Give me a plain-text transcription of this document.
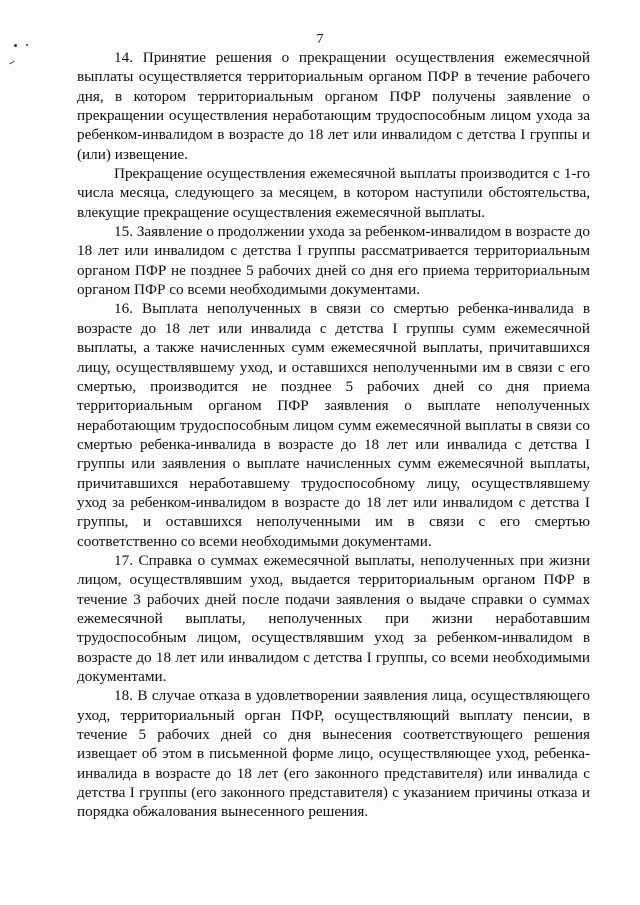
7

14. Принятие решения о прекращении осуществления ежемесячной выплаты осуществляется территориальным органом ПФР в течение рабочего дня, в котором территориальным органом ПФР получены заявление о прекращении осуществления неработающим трудоспособным лицом ухода за ребенком-инвалидом в возрасте до 18 лет или инвалидом с детства I группы и (или) извещение.

Прекращение осуществления ежемесячной выплаты производится с 1-го числа месяца, следующего за месяцем, в котором наступили обстоятельства, влекущие прекращение осуществления ежемесячной выплаты.

15. Заявление о продолжении ухода за ребенком-инвалидом в возрасте до 18 лет или инвалидом с детства I группы рассматривается территориальным органом ПФР не позднее 5 рабочих дней со дня его приема территориальным органом ПФР со всеми необходимыми документами.

16. Выплата неполученных в связи со смертью ребенка-инвалида в возрасте до 18 лет или инвалида с детства I группы сумм ежемесячной выплаты, а также начисленных сумм ежемесячной выплаты, причитавшихся лицу, осуществлявшему уход, и оставшихся неполученными им в связи с его смертью, производится не позднее 5 рабочих дней со дня приема территориальным органом ПФР заявления о выплате неполученных неработающим трудоспособным лицом сумм ежемесячной выплаты в связи со смертью ребенка-инвалида в возрасте до 18 лет или инвалида с детства I группы или заявления о выплате начисленных сумм ежемесячной выплаты, причитавшихся неработавшему трудоспособному лицу, осуществлявшему уход за ребенком-инвалидом в возрасте до 18 лет или инвалидом с детства I группы, и оставшихся неполученными им в связи с его смертью соответственно со всеми необходимыми документами.

17. Справка о суммах ежемесячной выплаты, неполученных при жизни лицом, осуществлявшим уход, выдается территориальным органом ПФР в течение 3 рабочих дней после подачи заявления о выдаче справки о суммах ежемесячной выплаты, неполученных при жизни неработавшим трудоспособным лицом, осуществлявшим уход за ребенком-инвалидом в возрасте до 18 лет или инвалидом с детства I группы, со всеми необходимыми документами.

18. В случае отказа в удовлетворении заявления лица, осуществляющего уход, территориальный орган ПФР, осуществляющий выплату пенсии, в течение 5 рабочих дней со дня вынесения соответствующего решения извещает об этом в письменной форме лицо, осуществляющее уход, ребенка-инвалида в возрасте до 18 лет (его законного представителя) или инвалида с детства I группы (его законного представителя) с указанием причины отказа и порядка обжалования вынесенного решения.
